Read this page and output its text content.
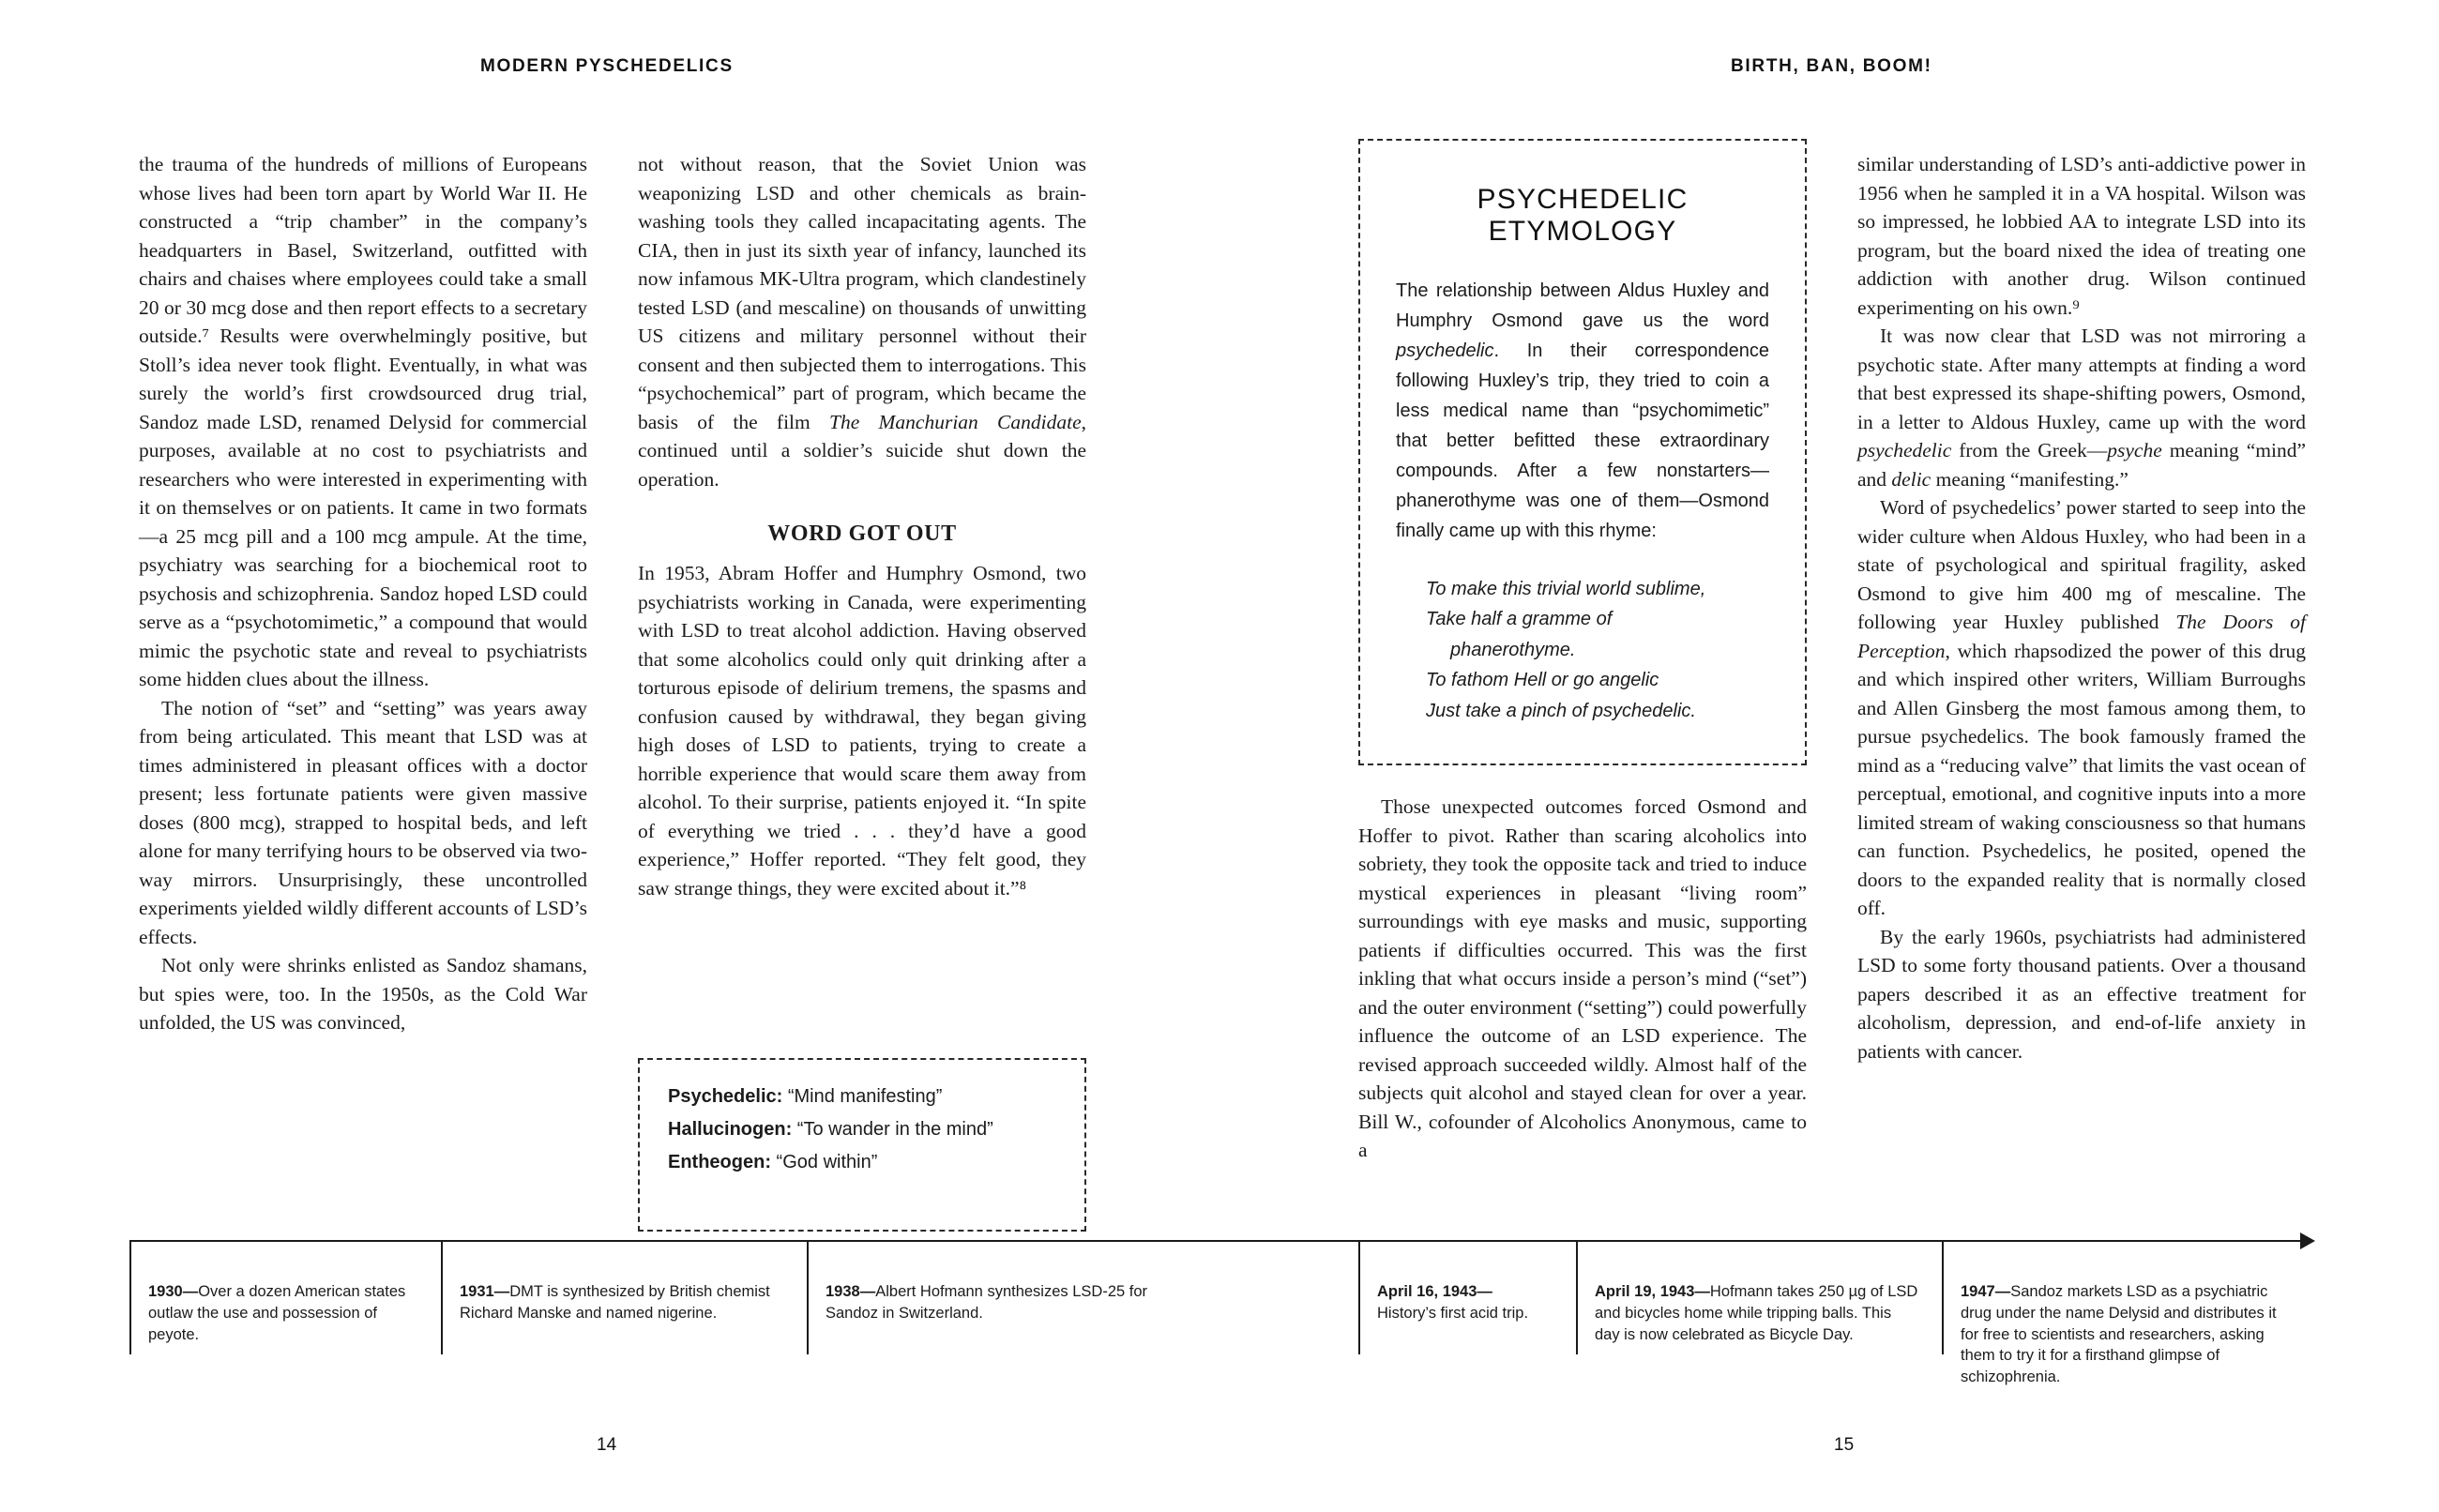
MODERN PYSCHEDELICS	BIRTH, BAN, BOOM!

the trauma of the hundreds of millions of Europeans whose lives had been torn apart by World War II. He constructed a “trip chamber” in the company’s headquarters in Basel, Switzerland, outfitted with chairs and chaises where employees could take a small 20 or 30 mcg dose and then report effects to a secretary outside.⁷ Results were overwhelmingly positive, but Stoll’s idea never took flight. Eventually, in what was surely the world’s first crowdsourced drug trial, Sandoz made LSD, renamed Delysid for commercial purposes, available at no cost to psychiatrists and researchers who were interested in experimenting with it on themselves or on patients. It came in two formats—a 25 mcg pill and a 100 mcg ampule. At the time, psychiatry was searching for a biochemical root to psychosis and schizophrenia. Sandoz hoped LSD could serve as a “psychotomimetic,” a compound that would mimic the psychotic state and reveal to psychiatrists some hidden clues about the illness.

The notion of “set” and “setting” was years away from being articulated. This meant that LSD was at times administered in pleasant offices with a doctor present; less fortunate patients were given massive doses (800 mcg), strapped to hospital beds, and left alone for many terrifying hours to be observed via two-way mirrors. Unsurprisingly, these uncontrolled experiments yielded wildly different accounts of LSD’s effects.

Not only were shrinks enlisted as Sandoz shamans, but spies were, too. In the 1950s, as the Cold War unfolded, the US was convinced,

not without reason, that the Soviet Union was weaponizing LSD and other chemicals as brain-washing tools they called incapacitating agents. The CIA, then in just its sixth year of infancy, launched its now infamous MK-Ultra program, which clandestinely tested LSD (and mescaline) on thousands of unwitting US citizens and military personnel without their consent and then subjected them to interrogations. This “psychochemical” part of program, which became the basis of the film The Manchurian Candidate, continued until a soldier’s suicide shut down the operation.

WORD GOT OUT

In 1953, Abram Hoffer and Humphry Osmond, two psychiatrists working in Canada, were experimenting with LSD to treat alcohol addiction. Having observed that some alcoholics could only quit drinking after a torturous episode of delirium tremens, the spasms and confusion caused by withdrawal, they began giving high doses of LSD to patients, trying to create a horrible experience that would scare them away from alcohol. To their surprise, patients enjoyed it. “In spite of everything we tried . . . they’d have a good experience,” Hoffer reported. “They felt good, they saw strange things, they were excited about it.”⁸

Those unexpected outcomes forced Osmond and Hoffer to pivot. Rather than scaring alcoholics into sobriety, they took the opposite tack and tried to induce mystical experiences in pleasant “living room” surroundings with eye masks and music, supporting patients if difficulties occurred. This was the first inkling that what occurs inside a person’s mind (“set”) and the outer environment (“setting”) could powerfully influence the outcome of an LSD experience. The revised approach succeeded wildly. Almost half of the subjects quit alcohol and stayed clean for over a year. Bill W., cofounder of Alcoholics Anonymous, came to a

similar understanding of LSD’s anti-addictive power in 1956 when he sampled it in a VA hospital. Wilson was so impressed, he lobbied AA to integrate LSD into its program, but the board nixed the idea of treating one addiction with another drug. Wilson continued experimenting on his own.⁹

It was now clear that LSD was not mirroring a psychotic state. After many attempts at finding a word that best expressed its shape-shifting powers, Osmond, in a letter to Aldous Huxley, came up with the word psychedelic from the Greek—psyche meaning “mind” and delic meaning “manifesting.”

Word of psychedelics’ power started to seep into the wider culture when Aldous Huxley, who had been in a state of psychological and spiritual fragility, asked Osmond to give him 400 mg of mescaline. The following year Huxley published The Doors of Perception, which rhapsodized the power of this drug and which inspired other writers, William Burroughs and Allen Ginsberg the most famous among them, to pursue psychedelics. The book famously framed the mind as a “reducing valve” that limits the vast ocean of perceptual, emotional, and cognitive inputs into a more limited stream of waking consciousness so that humans can function. Psychedelics, he posited, opened the doors to the expanded reality that is normally closed off.

By the early 1960s, psychiatrists had administered LSD to some forty thousand patients. Over a thousand papers described it as an effective treatment for alcoholism, depression, and end-of-life anxiety in patients with cancer.

Psychedelic: “Mind manifesting”
Hallucinogen: “To wander in the mind”
Entheogen: “God within”
PSYCHEDELIC ETYMOLOGY

The relationship between Aldus Huxley and Humphry Osmond gave us the word psychedelic. In their correspondence following Huxley’s trip, they tried to coin a less medical name than “psychomimetic” that better befitted these extraordinary compounds. After a few nonstarters—phanerothyme was one of them—Osmond finally came up with this rhyme:

To make this trivial world sublime,
Take half a gramme of
phanerothyme.
To fathom Hell or go angelic
Just take a pinch of psychedelic.
1930—Over a dozen American states outlaw the use and possession of peyote.
1931—DMT is synthesized by British chemist Richard Manske and named nigerine.
1938—Albert Hofmann synthesizes LSD-25 for Sandoz in Switzerland.
April 16, 1943—
History’s first acid trip.
April 19, 1943—Hofmann takes 250 µg of LSD and bicycles home while tripping balls. This day is now celebrated as Bicycle Day.
1947—Sandoz markets LSD as a psychiatric drug under the name Delysid and distributes it for free to scientists and researchers, asking them to try it for a firsthand glimpse of schizophrenia.
14	15
